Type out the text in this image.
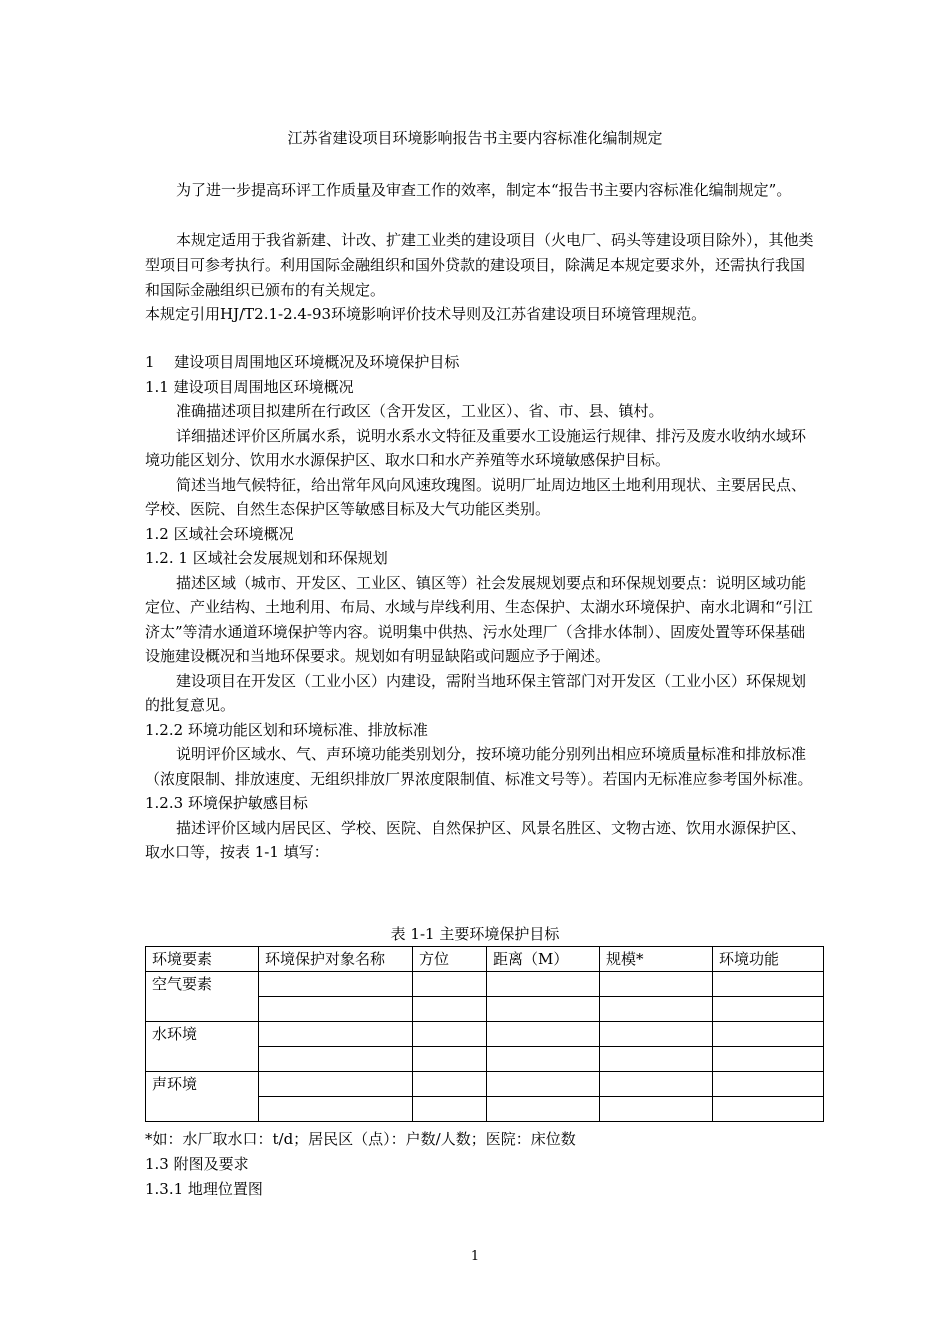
江苏省建设项目环境影响报告书主要内容标准化编制规定

为了进一步提高环评工作质量及审查工作的效率，制定本“报告书主要内容标准化编制规定”。

本规定适用于我省新建、计改、扩建工业类的建设项目（火电厂、码头等建设项目除外），其他类型项目可参考执行。利用国际金融组织和国外贷款的建设项目，除满足本规定要求外，还需执行我国和国际金融组织已颁布的有关规定。

本规定引用HJ/T2.1-2.4-93环境影响评价技术导则及江苏省建设项目环境管理规范。

1 　建设项目周围地区环境概况及环境保护目标

1.1 建设项目周围地区环境概况

准确描述项目拟建所在行政区（含开发区，工业区）、省、市、县、镇村。

详细描述评价区所属水系，说明水系水文特征及重要水工设施运行规律、排污及废水收纳水域环境功能区划分、饮用水水源保护区、取水口和水产养殖等水环境敏感保护目标。

简述当地气候特征，给出常年风向风速玫瑰图。说明厂址周边地区土地利用现状、主要居民点、学校、医院、自然生态保护区等敏感目标及大气功能区类别。

1.2 区域社会环境概况

1.2. 1 区域社会发展规划和环保规划

描述区域（城市、开发区、工业区、镇区等）社会发展规划要点和环保规划要点：说明区域功能定位、产业结构、土地利用、布局、水域与岸线利用、生态保护、太湖水环境保护、南水北调和“引江济太”等清水通道环境保护等内容。说明集中供热、污水处理厂（含排水体制）、固废处置等环保基础设施建设概况和当地环保要求。规划如有明显缺陷或问题应予于阐述。

建设项目在开发区（工业小区）内建设，需附当地环保主管部门对开发区（工业小区）环保规划的批复意见。

1.2.2 环境功能区划和环境标准、排放标准

说明评价区域水、气、声环境功能类别划分，按环境功能分别列出相应环境质量标准和排放标准（浓度限制、排放速度、无组织排放厂界浓度限制值、标准文号等）。若国内无标准应参考国外标准。

1.2.3 环境保护敏感目标

描述评价区域内居民区、学校、医院、自然保护区、风景名胜区、文物古迹、饮用水源保护区、取水口等，按表 1-1 填写：

表 1-1 主要环境保护目标
环境要素	环境保护对象名称	方位	距离（M）	规模*	环境功能
空气要素					

水环境					

声环境					

*如：水厂取水口：t/d；居民区（点）：户数/人数；医院：床位数

1.3 附图及要求

1.3.1 地理位置图

1
